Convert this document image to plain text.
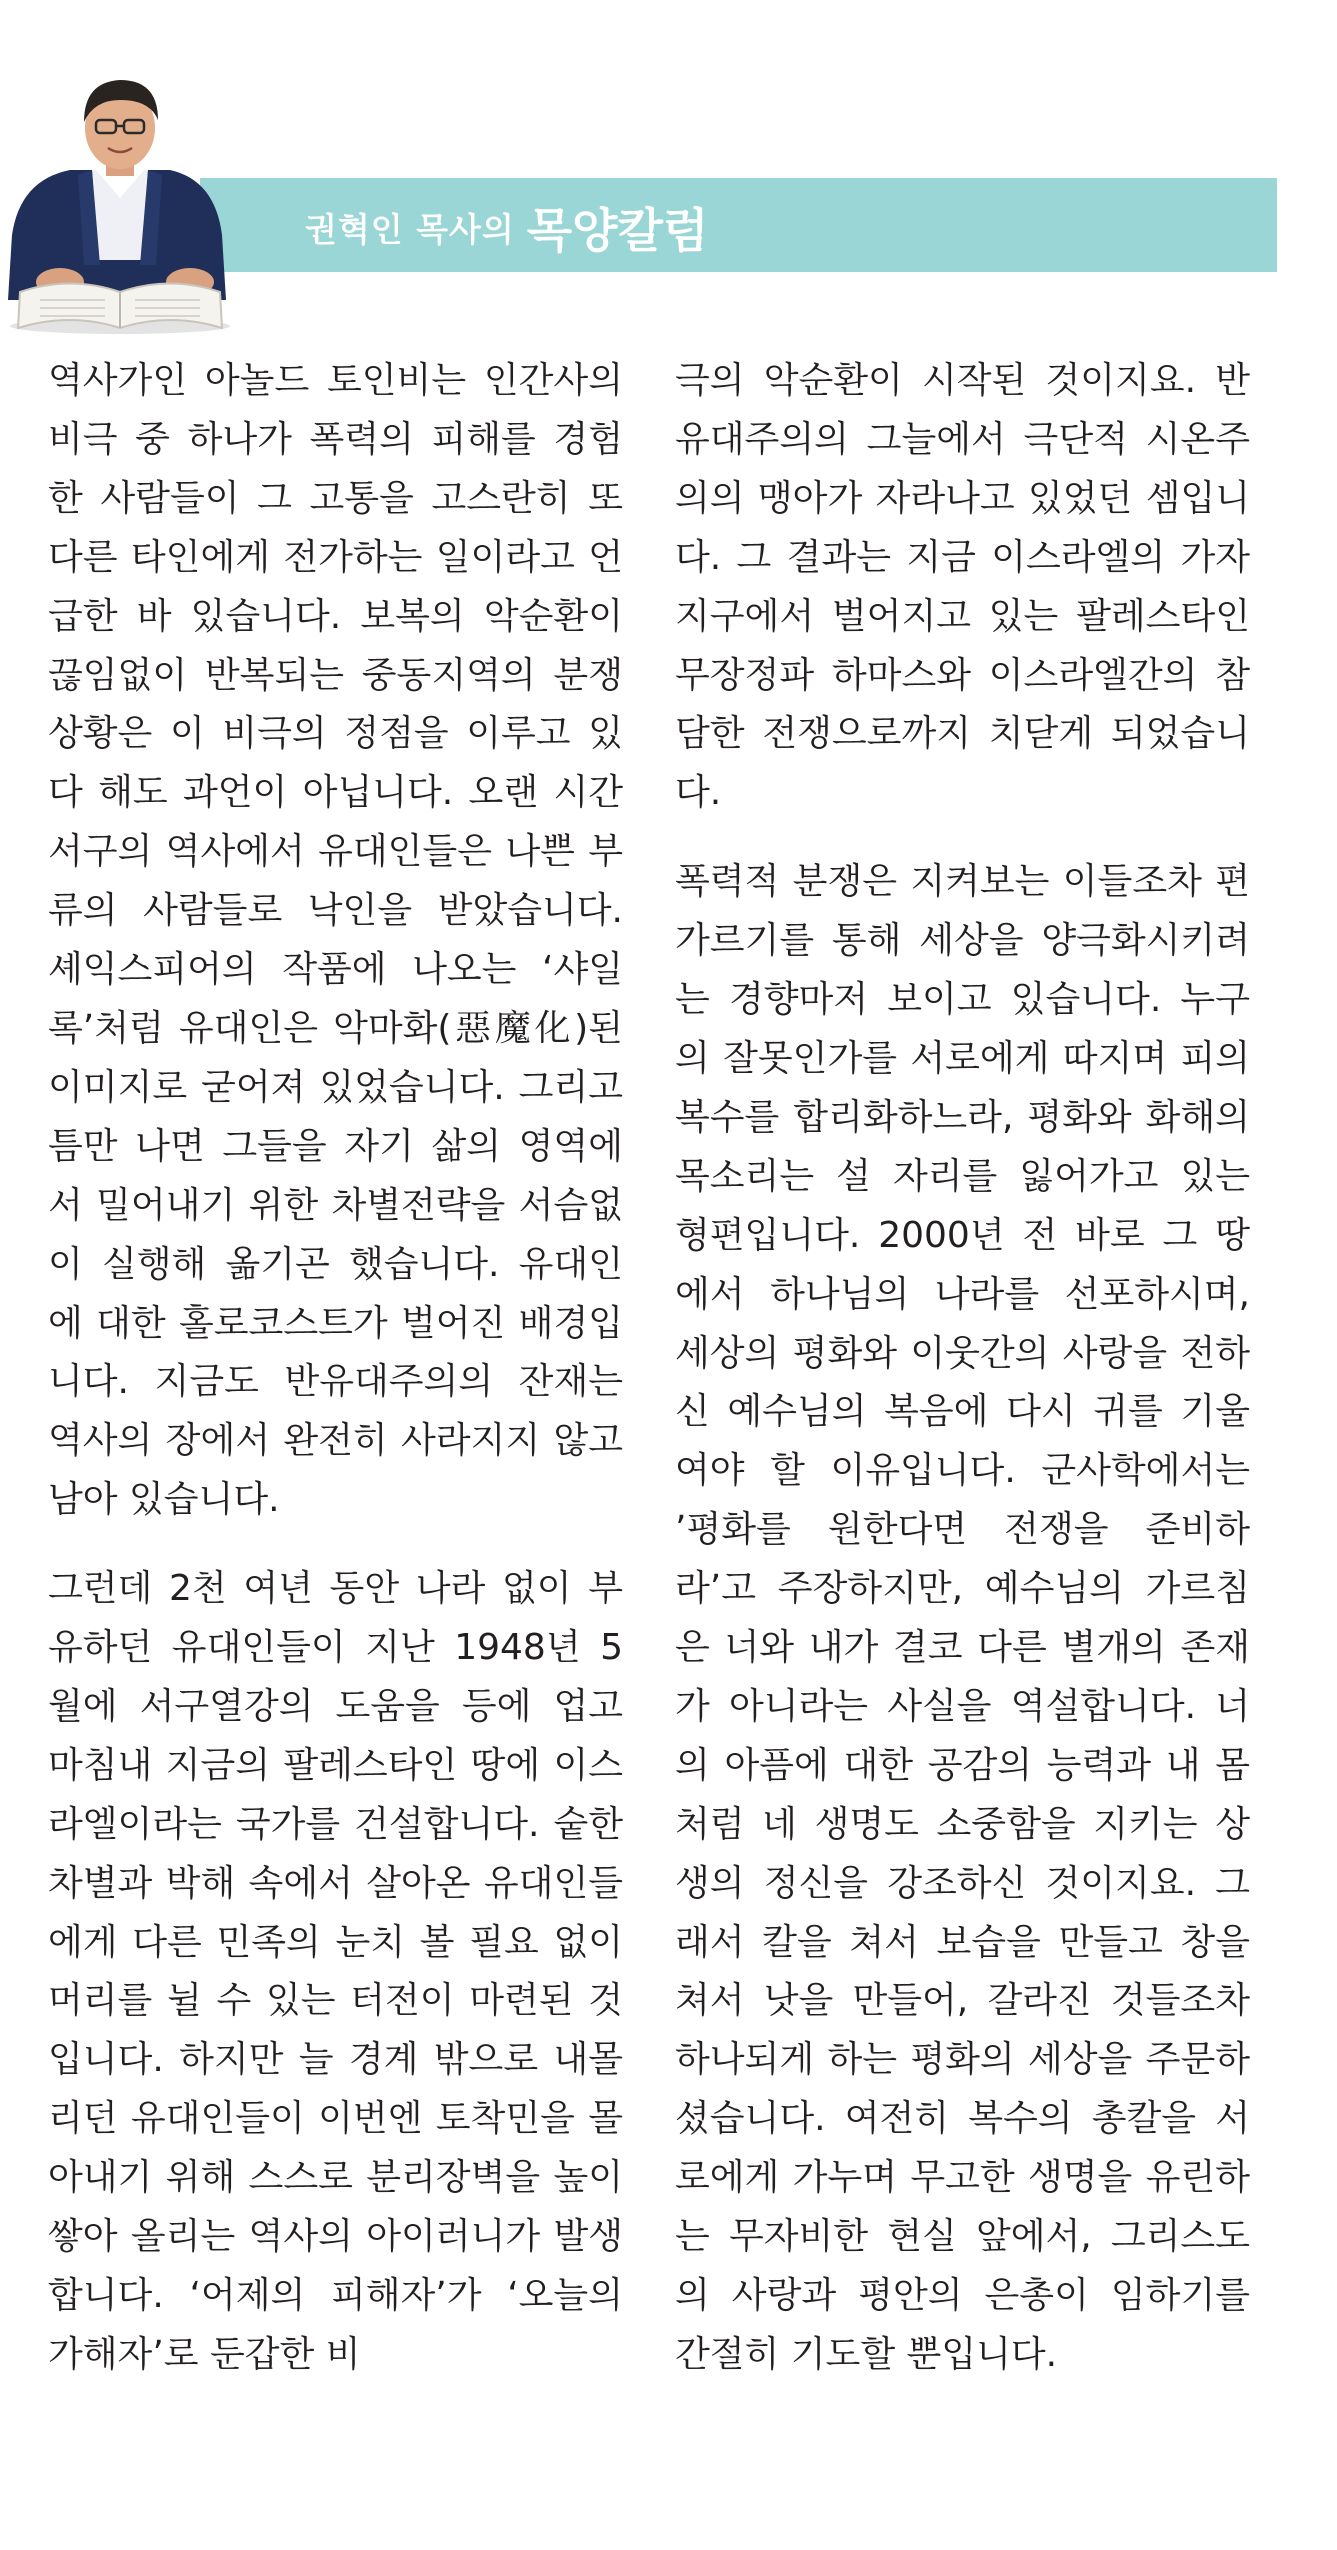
권혁인 목사의 목양칼럼

역사가인 아놀드 토인비는 인간사의 비극 중 하나가 폭력의 피해를 경험한 사람들이 그 고통을 고스란히 또다른 타인에게 전가하는 일이라고 언급한 바 있습니다. 보복의 악순환이 끊임없이 반복되는 중동지역의 분쟁 상황은 이 비극의 정점을 이루고 있다 해도 과언이 아닙니다. 오랜 시간 서구의 역사에서 유대인들은 나쁜 부류의 사람들로 낙인을 받았습니다. 셰익스피어의 작품에 나오는 ‘샤일록’처럼 유대인은 악마화(惡魔化)된 이미지로 굳어져 있었습니다. 그리고 틈만 나면 그들을 자기 삶의 영역에서 밀어내기 위한 차별전략을 서슴없이 실행해 옮기곤 했습니다. 유대인에 대한 홀로코스트가 벌어진 배경입니다. 지금도 반유대주의의 잔재는 역사의 장에서 완전히 사라지지 않고 남아 있습니다.

그런데 2천 여년 동안 나라 없이 부유하던 유대인들이 지난 1948년 5월에 서구열강의 도움을 등에 업고 마침내 지금의 팔레스타인 땅에 이스라엘이라는 국가를 건설합니다. 숱한 차별과 박해 속에서 살아온 유대인들에게 다른 민족의 눈치 볼 필요 없이 머리를 뉠 수 있는 터전이 마련된 것입니다. 하지만 늘 경계 밖으로 내몰리던 유대인들이 이번엔 토착민을 몰아내기 위해 스스로 분리장벽을 높이 쌓아 올리는 역사의 아이러니가 발생합니다. ‘어제의 피해자’가 ‘오늘의 가해자’로 둔갑한 비

극의 악순환이 시작된 것이지요. 반유대주의의 그늘에서 극단적 시온주의의 맹아가 자라나고 있었던 셈입니다. 그 결과는 지금 이스라엘의 가자지구에서 벌어지고 있는 팔레스타인 무장정파 하마스와 이스라엘간의 참담한 전쟁으로까지 치닫게 되었습니다.

폭력적 분쟁은 지켜보는 이들조차 편가르기를 통해 세상을 양극화시키려는 경향마저 보이고 있습니다. 누구의 잘못인가를 서로에게 따지며 피의 복수를 합리화하느라, 평화와 화해의 목소리는 설 자리를 잃어가고 있는 형편입니다. 2000년 전 바로 그 땅에서 하나님의 나라를 선포하시며, 세상의 평화와 이웃간의 사랑을 전하신 예수님의 복음에 다시 귀를 기울여야 할 이유입니다. 군사학에서는 ’평화를 원한다면 전쟁을 준비하라’고 주장하지만, 예수님의 가르침은 너와 내가 결코 다른 별개의 존재가 아니라는 사실을 역설합니다. 너의 아픔에 대한 공감의 능력과 내 몸처럼 네 생명도 소중함을 지키는 상생의 정신을 강조하신 것이지요. 그래서 칼을 쳐서 보습을 만들고 창을 쳐서 낫을 만들어, 갈라진 것들조차 하나되게 하는 평화의 세상을 주문하셨습니다. 여전히 복수의 총칼을 서로에게 가누며 무고한 생명을 유린하는 무자비한 현실 앞에서, 그리스도의 사랑과 평안의 은총이 임하기를 간절히 기도할 뿐입니다.
